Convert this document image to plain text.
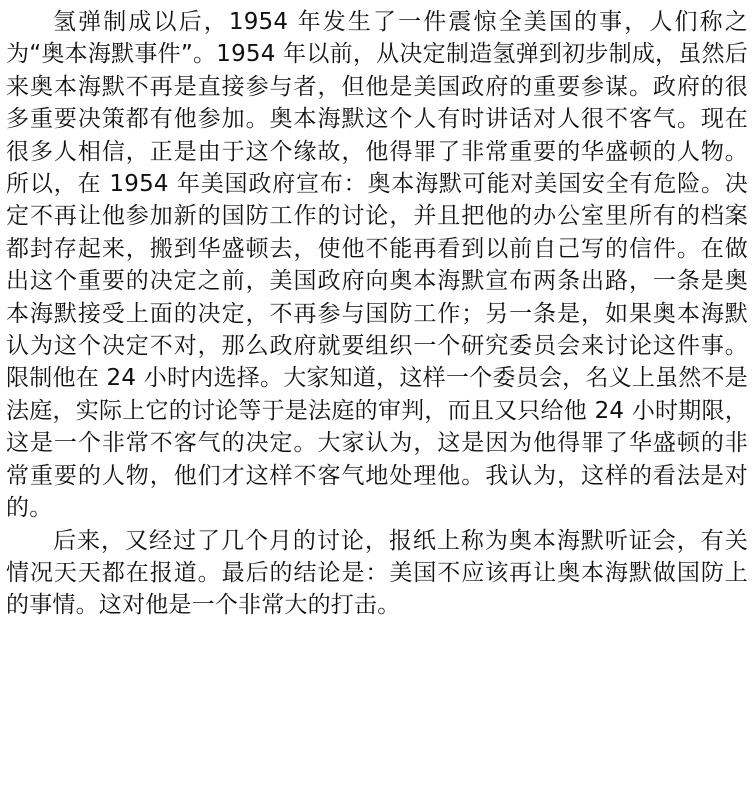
氢弹制成以后，1954 年发生了一件震惊全美国的事，人们称之为“奥本海默事件”。1954 年以前，从决定制造氢弹到初步制成，虽然后来奥本海默不再是直接参与者，但他是美国政府的重要参谋。政府的很多重要决策都有他参加。奥本海默这个人有时讲话对人很不客气。现在很多人相信，正是由于这个缘故，他得罪了非常重要的华盛顿的人物。所以，在 1954 年美国政府宣布：奥本海默可能对美国安全有危险。决定不再让他参加新的国防工作的讨论，并且把他的办公室里所有的档案都封存起来，搬到华盛顿去，使他不能再看到以前自己写的信件。在做出这个重要的决定之前，美国政府向奥本海默宣布两条出路，一条是奥本海默接受上面的决定，不再参与国防工作；另一条是，如果奥本海默认为这个决定不对，那么政府就要组织一个研究委员会来讨论这件事。限制他在 24 小时内选择。大家知道，这样一个委员会，名义上虽然不是法庭，实际上它的讨论等于是法庭的审判，而且又只给他 24 小时期限，这是一个非常不客气的决定。大家认为，这是因为他得罪了华盛顿的非常重要的人物，他们才这样不客气地处理他。我认为，这样的看法是对的。

后来，又经过了几个月的讨论，报纸上称为奥本海默听证会，有关情况天天都在报道。最后的结论是：美国不应该再让奥本海默做国防上的事情。这对他是一个非常大的打击。
